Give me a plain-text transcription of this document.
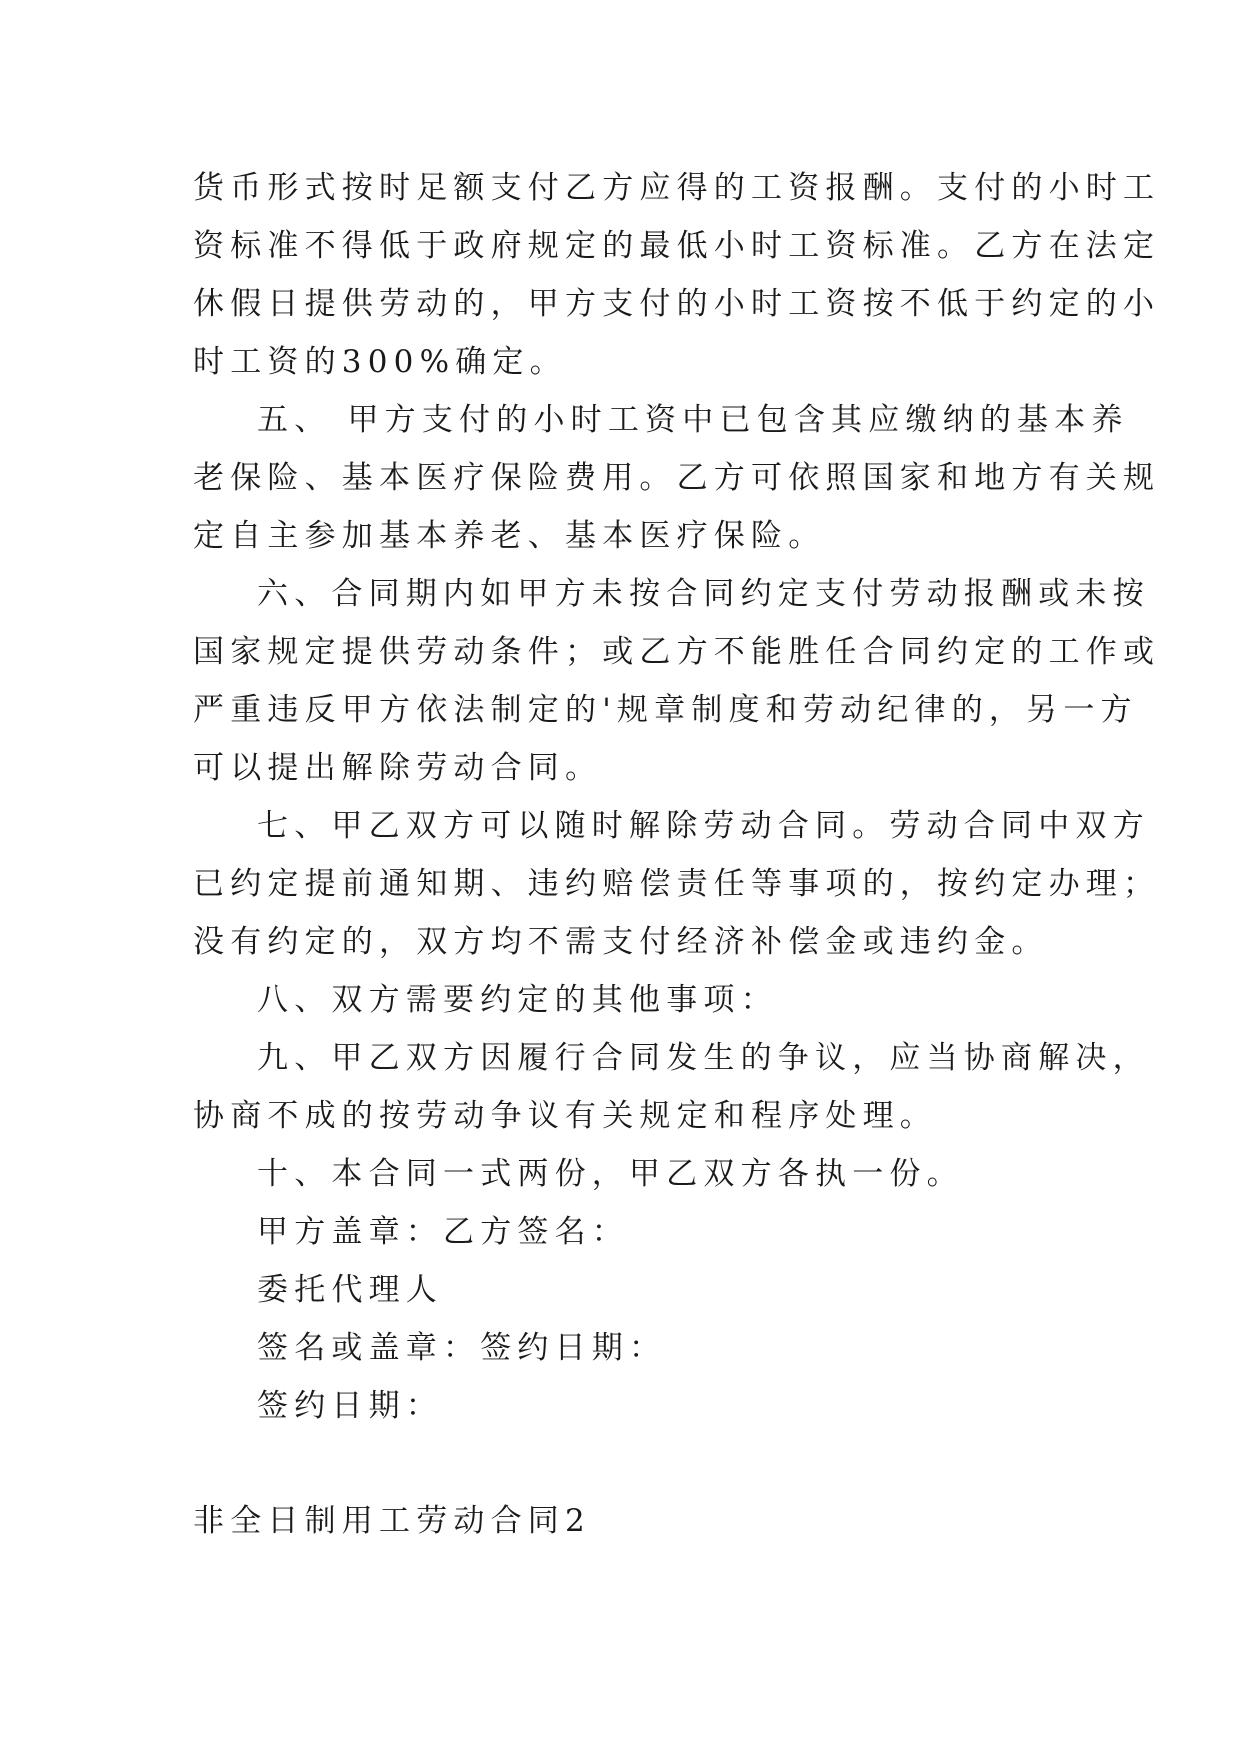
货币形式按时足额支付乙方应得的工资报酬。支付的小时工
资标准不得低于政府规定的最低小时工资标准。乙方在法定
休假日提供劳动的，甲方支付的小时工资按不低于约定的小
时工资的300%确定。
五、 甲方支付的小时工资中已包含其应缴纳的基本养
老保险、基本医疗保险费用。乙方可依照国家和地方有关规
定自主参加基本养老、基本医疗保险。
六、合同期内如甲方未按合同约定支付劳动报酬或未按
国家规定提供劳动条件；或乙方不能胜任合同约定的工作或
严重违反甲方依法制定的'规章制度和劳动纪律的，另一方
可以提出解除劳动合同。
七、甲乙双方可以随时解除劳动合同。劳动合同中双方
已约定提前通知期、违约赔偿责任等事项的，按约定办理；
没有约定的，双方均不需支付经济补偿金或违约金。
八、双方需要约定的其他事项：
九、甲乙双方因履行合同发生的争议，应当协商解决，
协商不成的按劳动争议有关规定和程序处理。
十、本合同一式两份，甲乙双方各执一份。
甲方盖章：乙方签名：
委托代理人
签名或盖章：签约日期：
签约日期：
非全日制用工劳动合同2
